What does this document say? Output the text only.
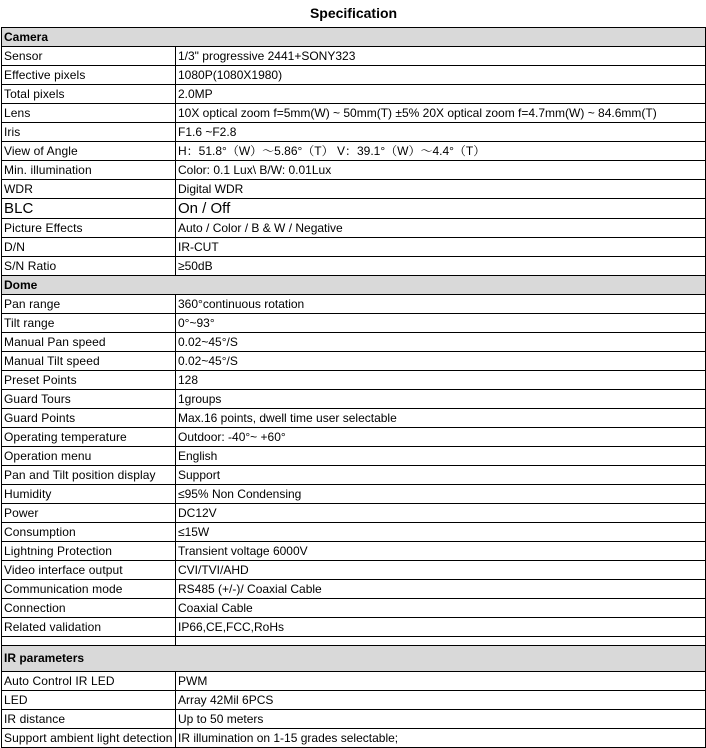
Specification	
Camera	
Sensor	1/3" progressive 2441+SONY323
Effective pixels	1080P(1080X1980)
Total pixels	2.0MP
Lens	10X optical zoom f=5mm(W) ~ 50mm(T) ±5% 20X optical zoom f=4.7mm(W) ~ 84.6mm(T)
Iris	F1.6 ~F2.8
View of Angle	H：51.8°（W）～5.86°（T） V：39.1°（W）～4.4°（T）
Min. illumination	Color: 0.1 Lux\ B/W: 0.01Lux
WDR	Digital WDR
BLC	On / Off
Picture Effects	Auto / Color / B & W / Negative
D/N	IR-CUT
S/N Ratio	≥50dB
Dome	
Pan range	360°continuous rotation
Tilt range	0°~93°
Manual Pan speed	0.02~45°/S
Manual Tilt speed	0.02~45°/S
Preset Points	128
Guard Tours	1groups
Guard Points	Max.16 points, dwell time user selectable
Operating temperature	Outdoor: -40°~ +60°
Operation menu	English
Pan and Tilt position display	Support
Humidity	≤95% Non Condensing
Power	DC12V
Consumption	≤15W
Lightning Protection	Transient voltage 6000V
Video interface output	CVI/TVI/AHD
Communication mode	RS485 (+/-)/ Coaxial Cable
Connection	Coaxial Cable
Related validation	IP66,CE,FCC,RoHs

IR parameters	
Auto Control IR LED	PWM
LED	Array 42Mil 6PCS
IR distance	Up to 50 meters
Support ambient light detection	IR illumination on 1-15 grades selectable;
